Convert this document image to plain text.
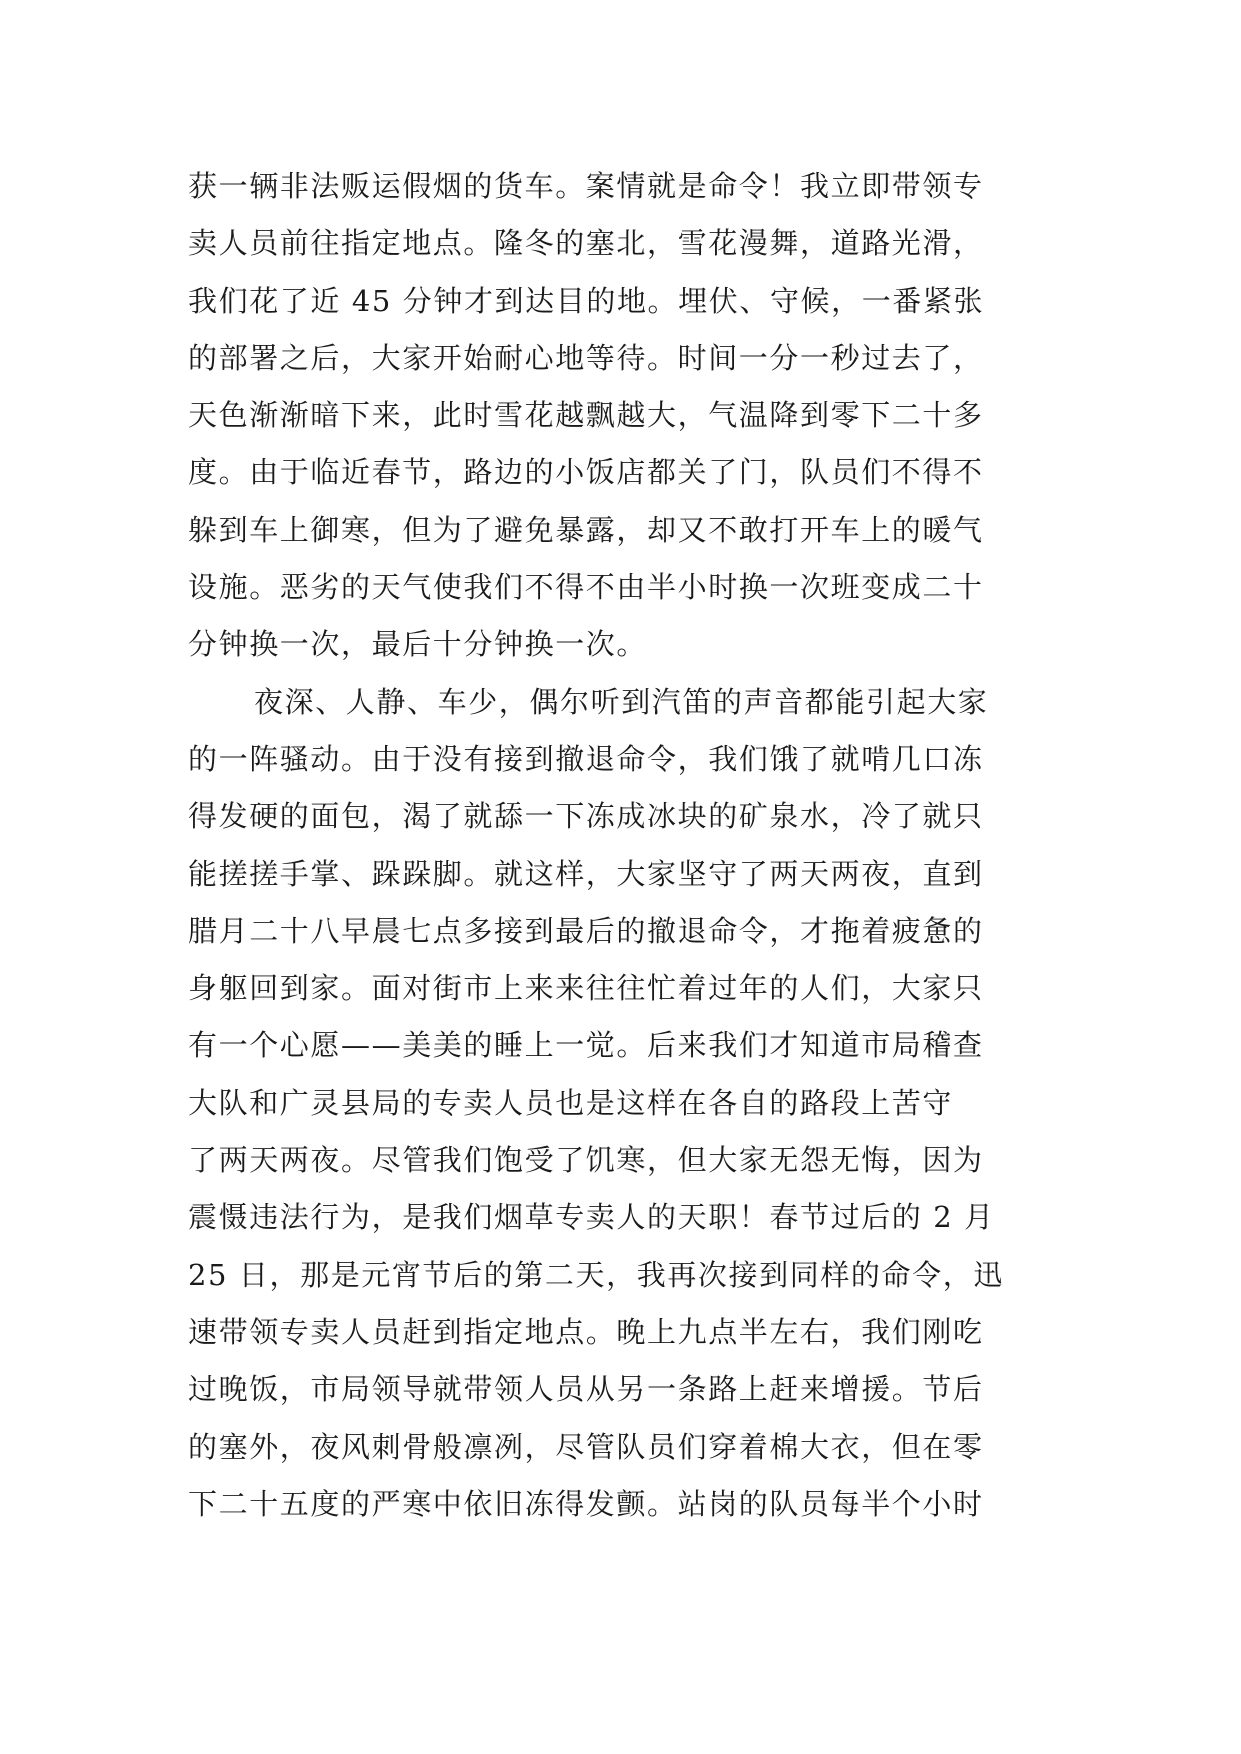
获一辆非法贩运假烟的货车。案情就是命令！我立即带领专
卖人员前往指定地点。隆冬的塞北，雪花漫舞，道路光滑，
我们花了近 45 分钟才到达目的地。埋伏、守候，一番紧张
的部署之后，大家开始耐心地等待。时间一分一秒过去了，
天色渐渐暗下来，此时雪花越飘越大，气温降到零下二十多
度。由于临近春节，路边的小饭店都关了门，队员们不得不
躲到车上御寒，但为了避免暴露，却又不敢打开车上的暖气
设施。恶劣的天气使我们不得不由半小时换一次班变成二十
分钟换一次，最后十分钟换一次。
夜深、人静、车少，偶尔听到汽笛的声音都能引起大家
的一阵骚动。由于没有接到撤退命令，我们饿了就啃几口冻
得发硬的面包，渴了就舔一下冻成冰块的矿泉水，冷了就只
能搓搓手掌、跺跺脚。就这样，大家坚守了两天两夜，直到
腊月二十八早晨七点多接到最后的撤退命令，才拖着疲惫的
身躯回到家。面对街市上来来往往忙着过年的人们，大家只
有一个心愿——美美的睡上一觉。后来我们才知道市局稽查
大队和广灵县局的专卖人员也是这样在各自的路段上苦守
了两天两夜。尽管我们饱受了饥寒，但大家无怨无悔，因为
震慑违法行为，是我们烟草专卖人的天职！春节过后的 2 月
25 日，那是元宵节后的第二天，我再次接到同样的命令，迅
速带领专卖人员赶到指定地点。晚上九点半左右，我们刚吃
过晚饭，市局领导就带领人员从另一条路上赶来增援。节后
的塞外，夜风刺骨般凛冽，尽管队员们穿着棉大衣，但在零
下二十五度的严寒中依旧冻得发颤。站岗的队员每半个小时
